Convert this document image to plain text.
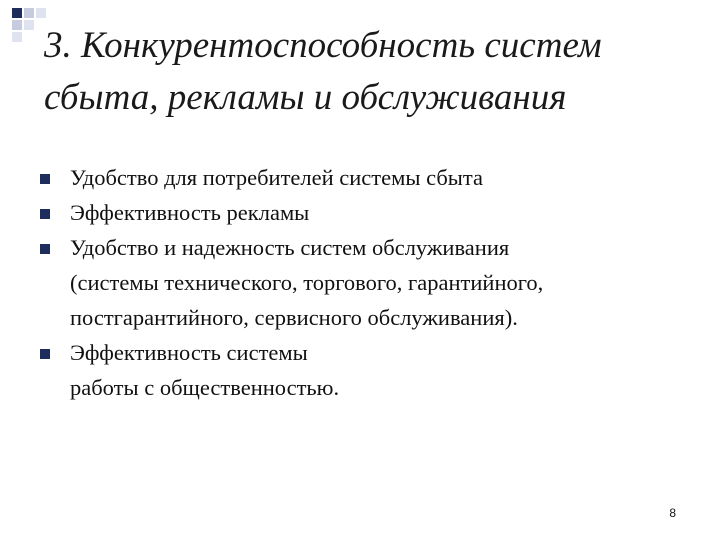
3. Конкурентоспособность систем сбыта, рекламы и обслуживания
Удобство для потребителей системы сбыта
Эффективность рекламы
Удобство и надежность систем обслуживания
(системы технического, торгового, гарантийного,
постгарантийного, сервисного обслуживания).
Эффективность системы
работы с общественностью.
8
